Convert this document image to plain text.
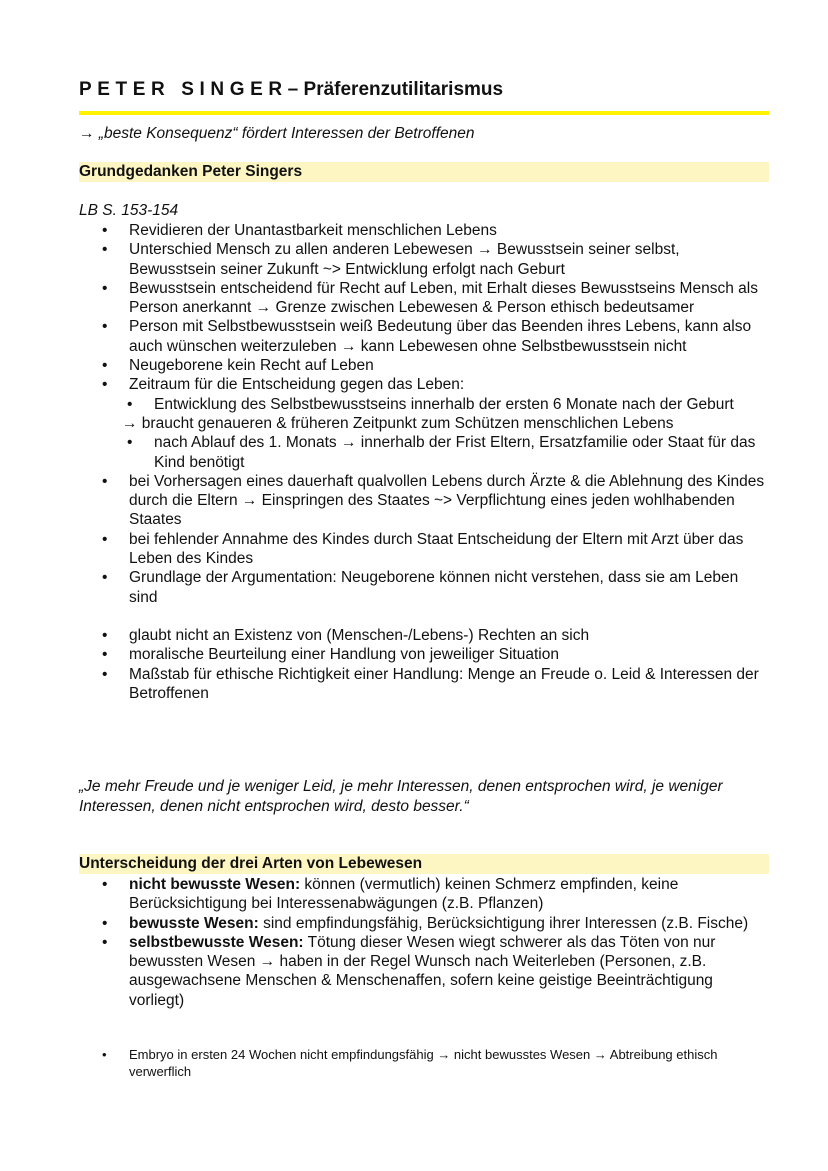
PETER SINGER– Präferenzutilitarismus
→ „beste Konsequenz“ fördert Interessen der Betroffenen
Grundgedanken Peter Singers
LB S. 153-154
• Revidieren der Unantastbarkeit menschlichen Lebens
• Unterschied Mensch zu allen anderen Lebewesen → Bewusstsein seiner selbst, Bewusstsein seiner Zukunft ~> Entwicklung erfolgt nach Geburt
• Bewusstsein entscheidend für Recht auf Leben, mit Erhalt dieses Bewusstseins Mensch als Person anerkannt → Grenze zwischen Lebewesen & Person ethisch bedeutsamer
• Person mit Selbstbewusstsein weiß Bedeutung über das Beenden ihres Lebens, kann also auch wünschen weiterzuleben → kann Lebewesen ohne Selbstbewusstsein nicht
• Neugeborene kein Recht auf Leben
• Zeitraum für die Entscheidung gegen das Leben:
• Entwicklung des Selbstbewusstseins innerhalb der ersten 6 Monate nach der Geburt
→ braucht genaueren & früheren Zeitpunkt zum Schützen menschlichen Lebens
• nach Ablauf des 1. Monats → innerhalb der Frist Eltern, Ersatzfamilie oder Staat für das Kind benötigt
• bei Vorhersagen eines dauerhaft qualvollen Lebens durch Ärzte & die Ablehnung des Kindes durch die Eltern → Einspringen des Staates ~> Verpflichtung eines jeden wohlhabenden Staates
• bei fehlender Annahme des Kindes durch Staat Entscheidung der Eltern mit Arzt über das Leben des Kindes
• Grundlage der Argumentation: Neugeborene können nicht verstehen, dass sie am Leben sind
• glaubt nicht an Existenz von (Menschen-/Lebens-) Rechten an sich
• moralische Beurteilung einer Handlung von jeweiliger Situation
• Maßstab für ethische Richtigkeit einer Handlung: Menge an Freude o. Leid & Interessen der Betroffenen
„Je mehr Freude und je weniger Leid, je mehr Interessen, denen entsprochen wird, je weniger Interessen, denen nicht entsprochen wird, desto besser.“
Unterscheidung der drei Arten von Lebewesen
• nicht bewusste Wesen: können (vermutlich) keinen Schmerz empfinden, keine Berücksichtigung bei Interessenabwägungen (z.B. Pflanzen)
• bewusste Wesen: sind empfindungsfähig, Berücksichtigung ihrer Interessen (z.B. Fische)
• selbstbewusste Wesen: Tötung dieser Wesen wiegt schwerer als das Töten von nur bewussten Wesen → haben in der Regel Wunsch nach Weiterleben (Personen, z.B. ausgewachsene Menschen & Menschenaffen, sofern keine geistige Beeinträchtigung vorliegt)
• Embryo in ersten 24 Wochen nicht empfindungsfähig → nicht bewusstes Wesen → Abtreibung ethisch verwerflich
